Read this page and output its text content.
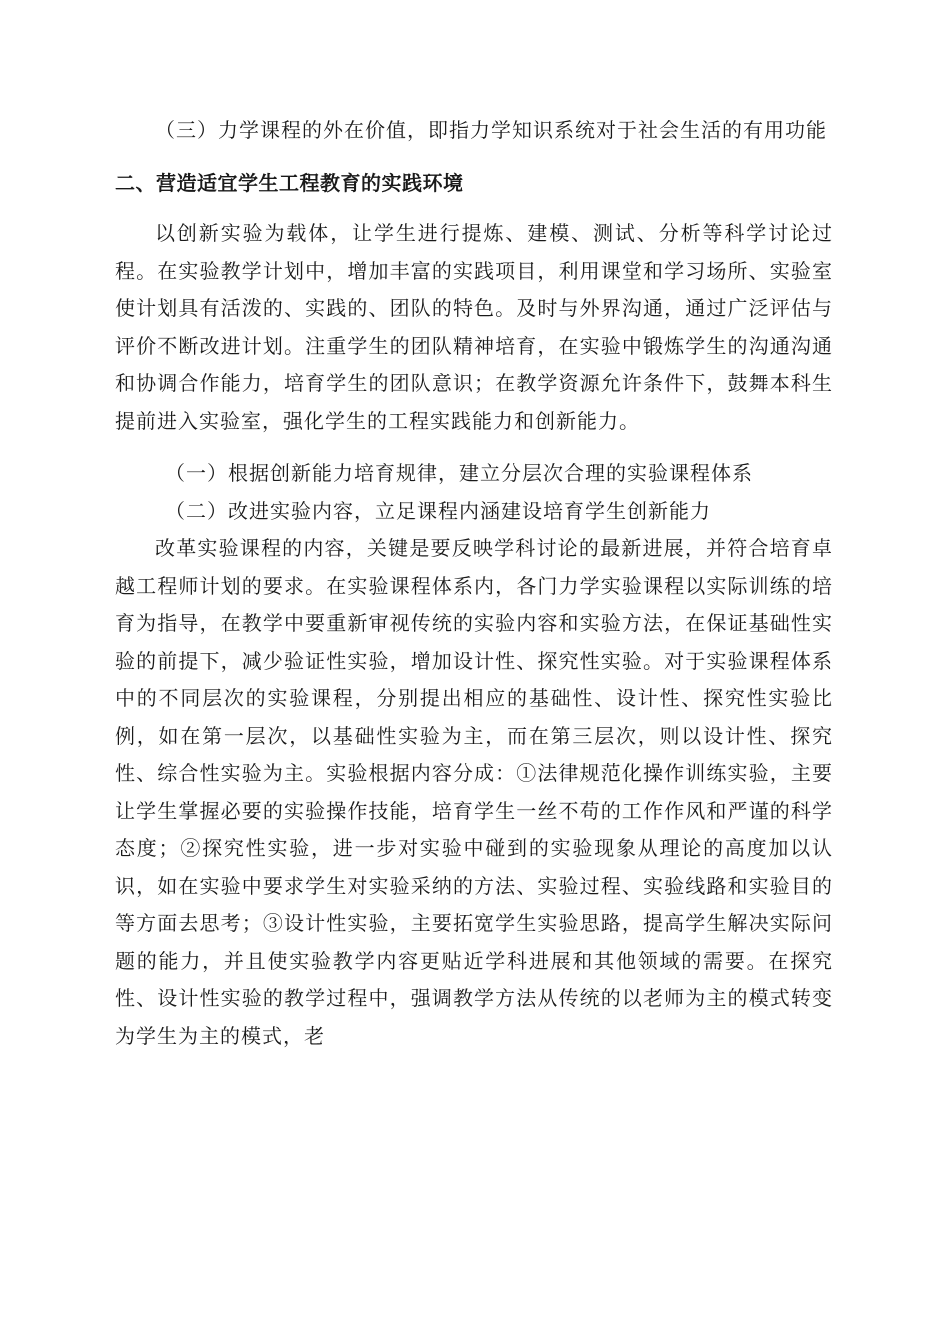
（三）力学课程的外在价值，即指力学知识系统对于社会生活的有用功能

二、营造适宜学生工程教育的实践环境

以创新实验为载体，让学生进行提炼、建模、测试、分析等科学讨论过程。在实验教学计划中，增加丰富的实践项目，利用课堂和学习场所、实验室使计划具有活泼的、实践的、团队的特色。及时与外界沟通，通过广泛评估与评价不断改进计划。注重学生的团队精神培育，在实验中锻炼学生的沟通沟通和协调合作能力，培育学生的团队意识；在教学资源允许条件下，鼓舞本科生提前进入实验室，强化学生的工程实践能力和创新能力。

（一）根据创新能力培育规律，建立分层次合理的实验课程体系

（二）改进实验内容，立足课程内涵建设培育学生创新能力

改革实验课程的内容，关键是要反映学科讨论的最新进展，并符合培育卓越工程师计划的要求。在实验课程体系内，各门力学实验课程以实际训练的培育为指导，在教学中要重新审视传统的实验内容和实验方法，在保证基础性实验的前提下，减少验证性实验，增加设计性、探究性实验。对于实验课程体系中的不同层次的实验课程，分别提出相应的基础性、设计性、探究性实验比例，如在第一层次，以基础性实验为主，而在第三层次，则以设计性、探究性、综合性实验为主。实验根据内容分成：①法律规范化操作训练实验，主要让学生掌握必要的实验操作技能，培育学生一丝不苟的工作作风和严谨的科学态度；②探究性实验，进一步对实验中碰到的实验现象从理论的高度加以认识，如在实验中要求学生对实验采纳的方法、实验过程、实验线路和实验目的等方面去思考；③设计性实验，主要拓宽学生实验思路，提高学生解决实际问题的能力，并且使实验教学内容更贴近学科进展和其他领域的需要。在探究性、设计性实验的教学过程中，强调教学方法从传统的以老师为主的模式转变为学生为主的模式，老
